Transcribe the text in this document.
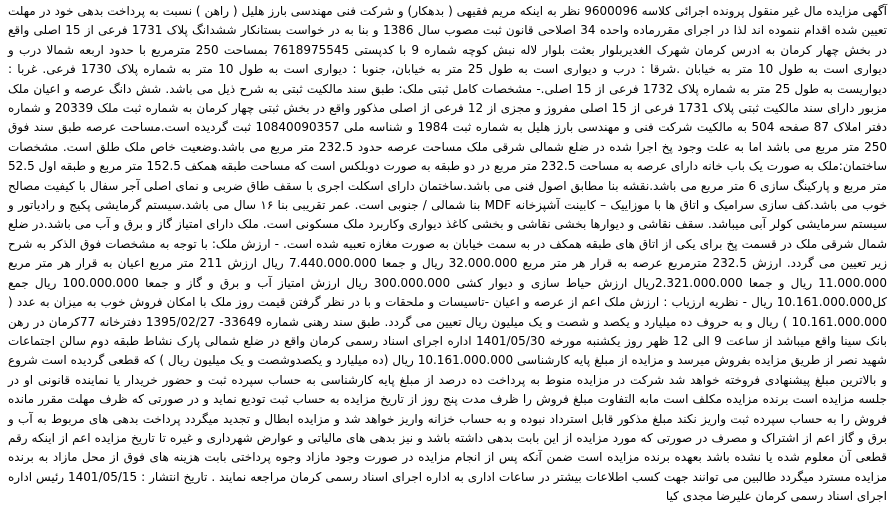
آگهی مزایده مال غیر منقول پرونده اجرائی کلاسه 9600096 نظر به اینکه مریم فقیهی ( بدهکار) و شرکت فنی مهندسی بارز هلیل ( راهن ) نسبت به پرداخت بدهی خود در مهلت تعیین شده اقدام ننموده اند لذا در اجرای مقررماده واحده 34 اصلاحی قانون ثبت مصوب سال 1386 و بنا به در خواست بستانکار ششدانگ پلاک 1731 فرعی از 15 اصلی واقع در بخش چهار کرمان به ادرس کرمان شهرک الغدیربلوار بعثت بلوار لاله نبش کوچه شماره 9 با کدپستی 7618975545 بمساحت 250 مترمربع با حدود اربعه شمالا درب و دیوارى است به طول 10 متر به خیابان .شرقا : درب و دیواری است به طول 25 متر به خیابان، جنوبا : دیواری است به طول 10 متر به شماره پلاک 1730 فرعی. غربا : دیواریست به طول 25 متر به شماره پلاک 1732 فرعی از 15 اصلی.- مشخصات کامل ثبتی ملک: طبق سند مالکیت ثبتی به شرح ذیل می باشد. شش دانگ عرصه و اعیان ملک مزبور دارای سند مالکیت ثبتی پلاک 1731 فرعی از 15 اصلی مفروز و مجزی از 12 فرعی از اصلی مذکور واقع در بخش ثبتی چهار کرمان به شماره ثبت ملک 20339 و شماره دفتر املاک 87 صفحه 504 به مالکیت شرکت فنی و مهندسی بارز هلیل به شماره ثبت 1984 و شناسه ملی 10840090357 ثبت گردیده است.مساحت عرصه طبق سند فوق 250 متر مربع می باشد اما به علت وجود پخ اجرا شده در ضلع شمالی شرقی ملک مساحت عرصه حدود 232.5 متر مربع می باشد.وضعیت خاص ملک طلق است. مشخصات ساختمان:ملک به صورت یک باب خانه دارای عرصه به مساحت 232.5 متر مربع در دو طبقه به صورت دوبلکس است که مساحت طبقه همکف 152.5 متر مربع و طبقه اول 52.5 متر مربع و پارکینگ سازی 6 متر مربع می باشد.نقشه بنا مطابق اصول فنی می باشد.ساختمان دارای اسکلت اجری با سقف طاق ضربی و نمای اصلی آجر سفال با کیفیت مصالح خوب می باشد.کف سازی سرامیک و اتاق ها با موزاییک – کابینت آشپزخانه MDF بنا شمالی / جنوبی است. عمر تقریبی بنا ۱۶ سال می باشد.سیستم گرمایشی پکیج و رادیاتور و سیستم سرمایشی کولر آبی میباشد. سقف نقاشی و دیوارها بخشی نقاشی و بخشی کاغذ دیواری وکاربرد ملک مسکونی است. ملک دارای امتیاز گاز و برق و آب می باشد.در ضلع شمال شرقی ملک در قسمت پخ برای یکی از اتاق های طبقه همکف در به سمت خیابان به صورت مغازه تعبیه شده است. - ارزش ملک: با توجه به مشخصات فوق الذکر به شرح زیر تعیین می گردد. ارزش 232.5 مترمربع عرصه به قرار هر متر مربع 32.000.000 ریال و جمعا 7.440.000.000 ریال ارزش 211 متر مربع اعیان به قرار هر متر مربع 11.000.000 ریال و جمعا 2.321.000.000ریال ارزش حیاط سازی و دیوار کشی 300.000.000 ریال ارزش امتیاز آب و برق و گاز و جمعا 100.000.000 ریال جمع کل10.161.000.000 ریال - نظریه ارزیاب : ارزش ملک اعم از عرصه و اعیان -تاسیسات و ملحقات و با در نظر گرفتن قیمت روز ملک با امکان فروش خوب به میزان به عدد ( 10.161.000.000 ) ریال و به حروف ده میلیارد و یکصد و شصت و یک میلیون ریال تعیین می گردد. طبق سند رهنی شماره 33649- 1395/02/27 دفترخانه 77کرمان در رهن بانک سینا واقع میباشد از ساعت 9 الی 12 ظهر روز یکشنبه مورخه 1401/05/30 اداره اجرای اسناد رسمی کرمان واقع در ضلع شمالی پارک نشاط طبقه دوم سالن اجتماعات شهید نصر از طریق مزایده بفروش میرسد و مزایده از مبلغ پایه کارشناسی 10.161.000.000 ریال (ده میلیارد و یکصدوشصت و یک میلیون ریال ) که قطعی گردیده است شروع و بالاترین مبلغ پیشنهادی فروخته خواهد شد شرکت در مزایده منوط به پرداخت ده درصد از مبلغ پایه کارشناسی به حساب سپرده ثبت و حضور خریدار یا نماینده قانونی او در جلسه مزایده است برنده مزایده مکلف است مابه التفاوت مبلغ فروش را ظرف مدت پنج روز از تاریخ مزایده به حساب ثبت تودیع نماید و در صورتی که ظرف مهلت مقرر مانده فروش را به حساب سپرده ثبت واریز نکند مبلغ مذکور قابل استرداد نبوده و به حساب خزانه واریز خواهد شد و مزایده ابطال و تجدید میگردد پرداخت بدهی های مربوط به آب و برق و گاز اعم از اشتراک و مصرف در صورتی که مورد مزایده از این بابت بدهی داشته باشد و نیز بدهی های مالیاتی و عوارض شهرداری و غیره تا تاریخ مزایده اعم از اینکه رقم قطعی آن معلوم شده یا نشده باشد بعهده برنده مزایده است ضمن آنکه پس از انجام مزایده در صورت وجود مازاد وجوه پرداختی بابت هزینه های فوق از محل مازاد به برنده مزایده مسترد میگردد طالبین می توانند جهت کسب اطلاعات بیشتر در ساعات اداری به اداره اجرای اسناد رسمی کرمان مراجعه نمایند . تاریخ انتشار : 1401/05/15 رئیس اداره اجرای اسناد رسمی کرمان علیرضا مجدی کیا
